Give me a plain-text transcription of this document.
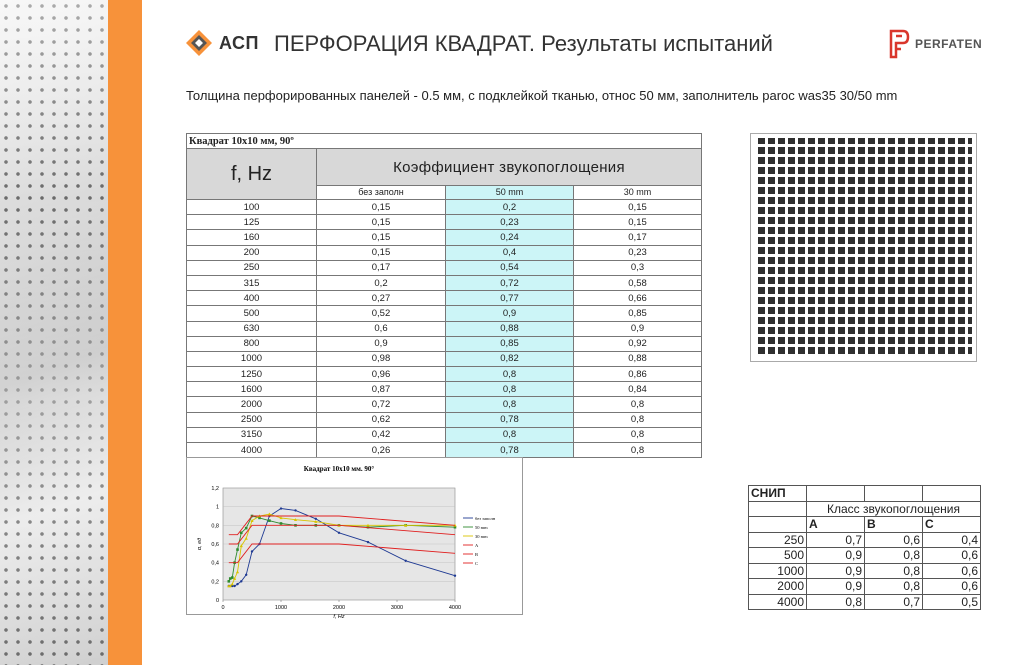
АСП ПЕРФОРАЦИЯ КВАДРАТ. Результаты испытаний	PERFATEN
Толщина перфорированных панелей - 0.5 мм, с подклейкой тканью, относ 50 мм, заполнитель paroc was35 30/50 mm
Квадрат 10х10 мм, 90º			
f, Hz	Коэффициент звукопоглощения		
	без заполн	50 mm	30 mm
100	0,15	0,2	0,15
125	0,15	0,23	0,15
160	0,15	0,24	0,17
200	0,15	0,4	0,23
250	0,17	0,54	0,3
315	0,2	0,72	0,58
400	0,27	0,77	0,66
500	0,52	0,9	0,85
630	0,6	0,88	0,9
800	0,9	0,85	0,92
1000	0,98	0,82	0,88
1250	0,96	0,8	0,86
1600	0,87	0,8	0,84
2000	0,72	0,8	0,8
2500	0,62	0,78	0,8
3150	0,42	0,8	0,8
4000	0,26	0,78	0,8
Квадрат 10х10 мм. 90°
0
0,2
0,4
0,6
0,8
1
1,2
0	1000	2000	3000	4000
f, Hz
α, ед
без заполн
50 mm
30 mm
A
B
C
СНИП			
	Класс звукопоглощения		
	A	B	C
250	0,7	0,6	0,4
500	0,9	0,8	0,6
1000	0,9	0,8	0,6
2000	0,9	0,8	0,6
4000	0,8	0,7	0,5
